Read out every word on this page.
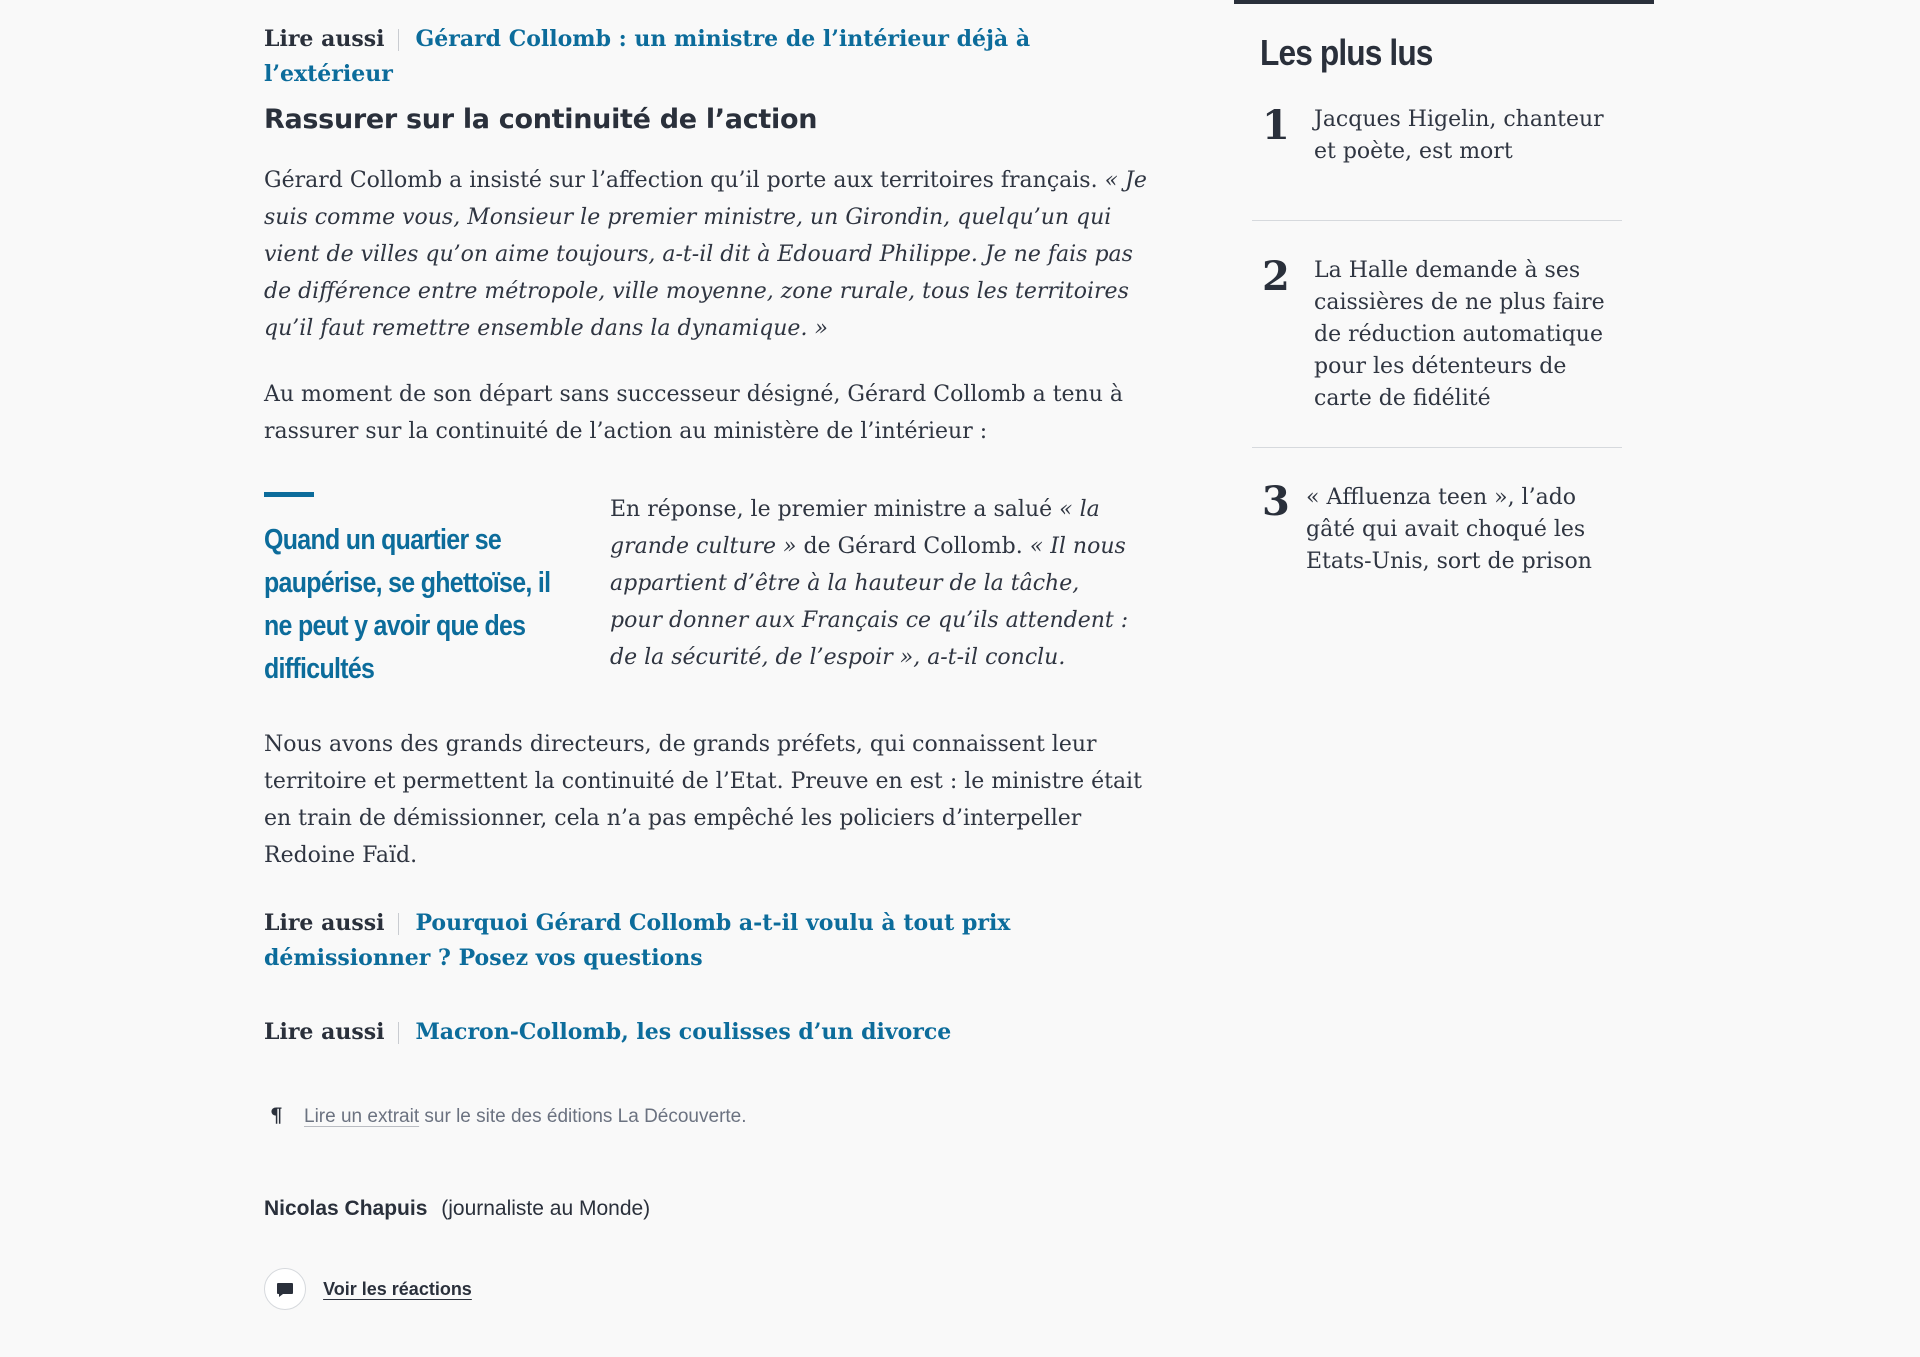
Lire aussi Gérard Collomb : un ministre de l’intérieur déjà à l’extérieur
Rassurer sur la continuité de l’action

Gérard Collomb a insisté sur l’affection qu’il porte aux territoires français. « Je suis comme vous, Monsieur le premier ministre, un Girondin, quelqu’un qui vient de villes qu’on aime toujours, a-t-il dit à Edouard Philippe. Je ne fais pas de différence entre métropole, ville moyenne, zone rurale, tous les territoires qu’il faut remettre ensemble dans la dynamique. »

Au moment de son départ sans successeur désigné, Gérard Collomb a tenu à rassurer sur la continuité de l’action au ministère de l’intérieur :

Quand un quartier se paupérise, se ghettoïse, il ne peut y avoir que des difficultés

En réponse, le premier ministre a salué « la grande culture » de Gérard Collomb. « Il nous appartient d’être à la hauteur de la tâche, pour donner aux Français ce qu’ils attendent : de la sécurité, de l’espoir », a-t-il conclu.

Nous avons des grands directeurs, de grands préfets, qui connaissent leur territoire et permettent la continuité de l’Etat. Preuve en est : le ministre était en train de démissionner, cela n’a pas empêché les policiers d’interpeller Redoine Faïd.

Lire aussi Pourquoi Gérard Collomb a-t-il voulu à tout prix démissionner ? Posez vos questions
Lire aussi Macron-Collomb, les coulisses d’un divorce
¶ Lire un extrait sur le site des éditions La Découverte.
Nicolas Chapuis (journaliste au Monde)
Voir les réactions
Les plus lus
1 Jacques Higelin, chanteur et poète, est mort
2 La Halle demande à ses caissières de ne plus faire de réduction automatique pour les détenteurs de carte de fidélité
3 « Affluenza teen », l’ado gâté qui avait choqué les Etats-Unis, sort de prison
